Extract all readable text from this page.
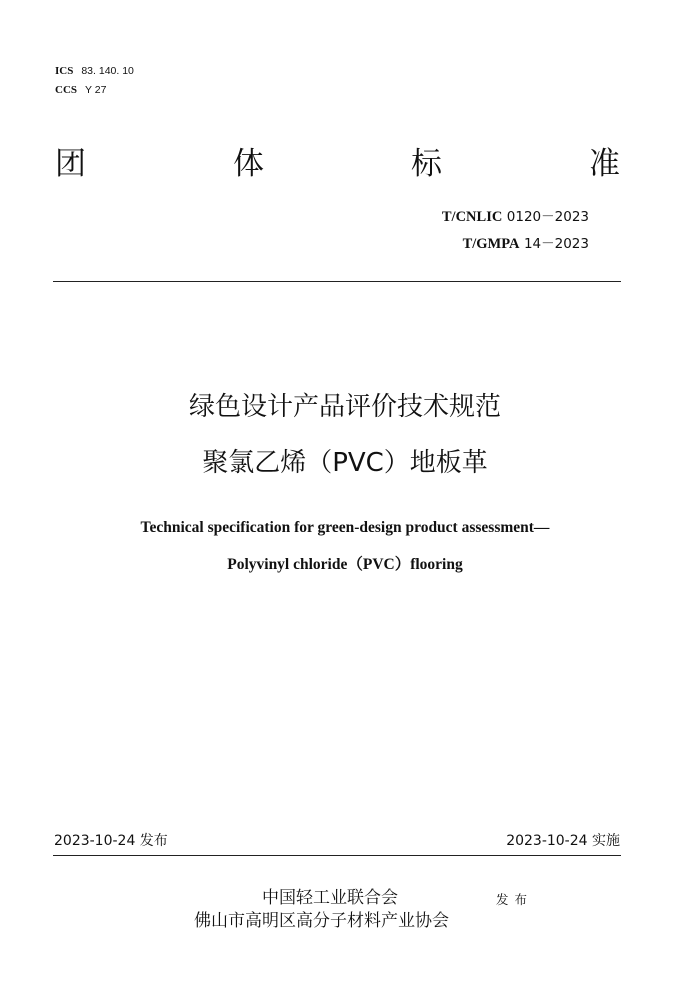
ICS 83. 140. 10
CCS Y 27
团	体	标	准
T/CNLIC 0120－2023
T/GMPA 14－2023
绿色设计产品评价技术规范
聚氯乙烯（PVC）地板革
Technical specification for green-design product assessment—
Polyvinyl chloride（PVC）flooring
2023-10-24 发布	2023-10-24 实施
中国轻工业联合会
佛山市高明区高分子材料产业协会
发布
